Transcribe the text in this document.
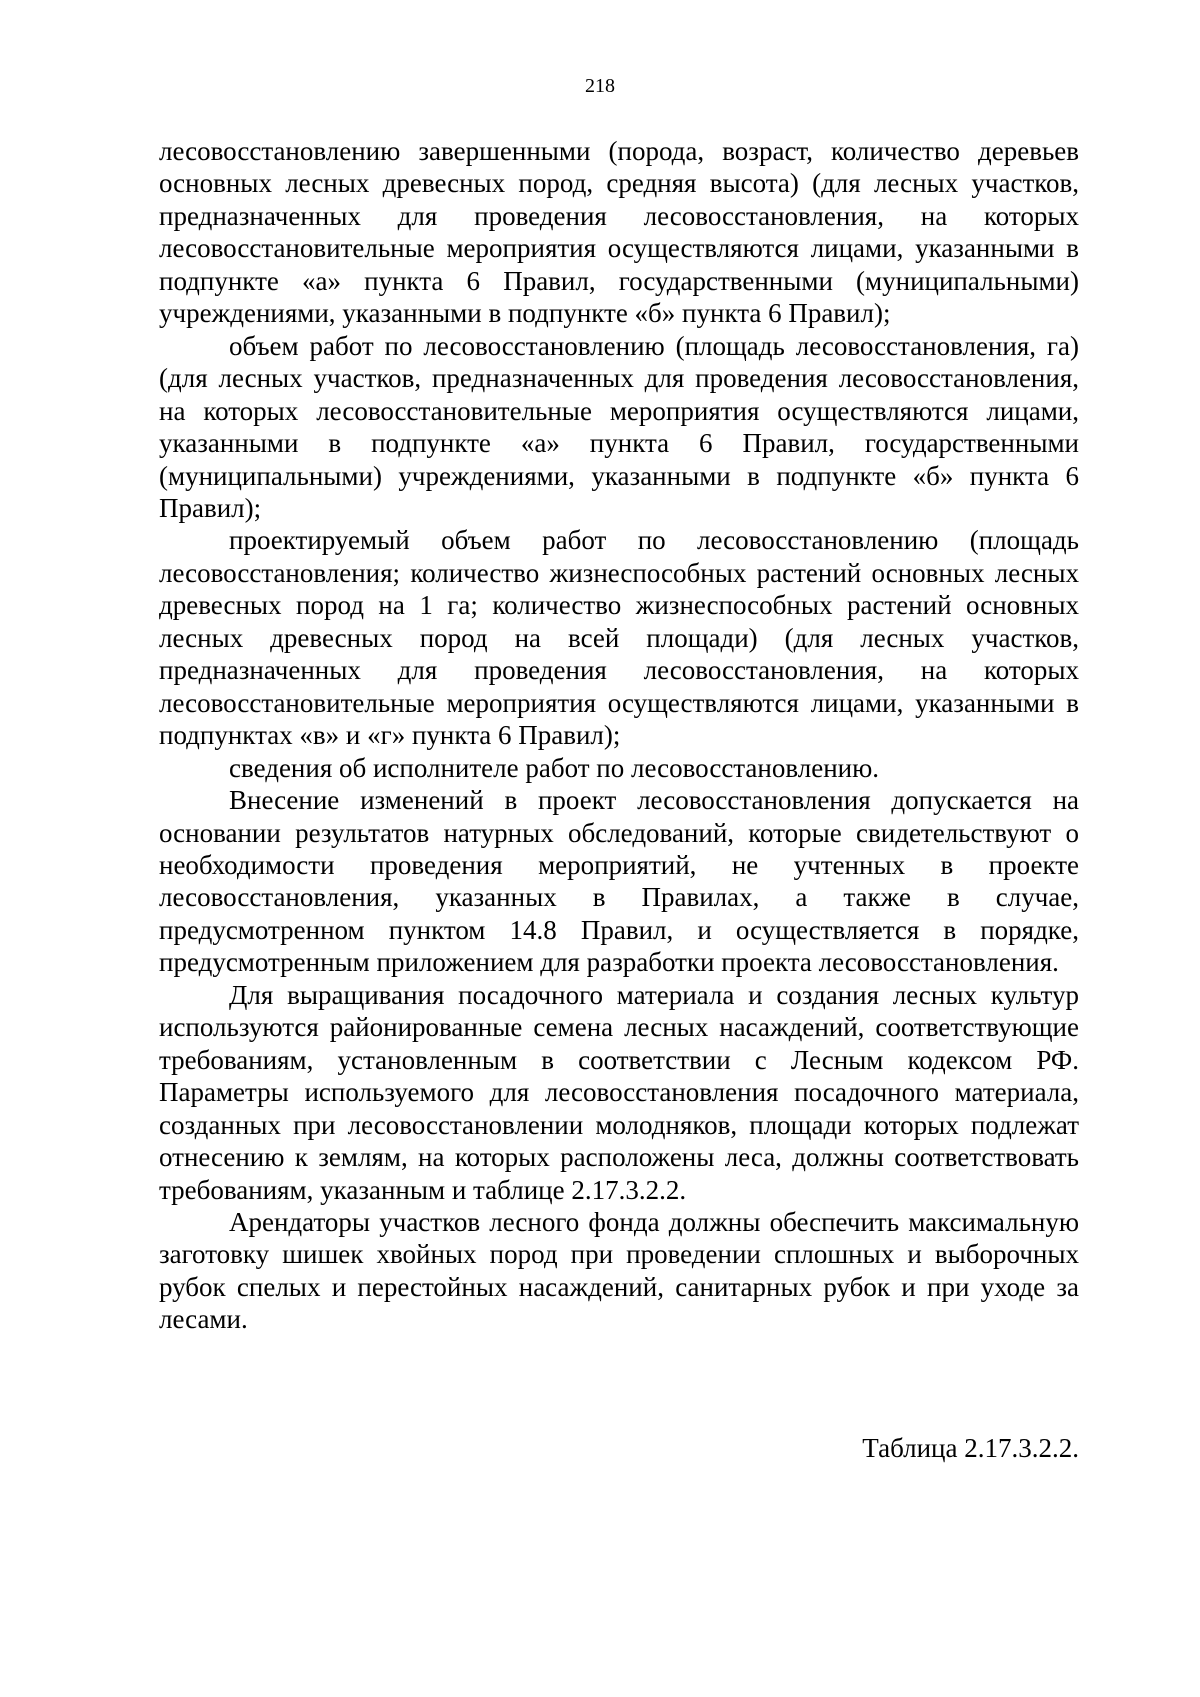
218

лесовосстановлению завершенными (порода, возраст, количество деревьев основных лесных древесных пород, средняя высота) (для лесных участков, предназначенных для проведения лесовосстановления, на которых лесовосстановительные мероприятия осуществляются лицами, указанными в подпункте «а» пункта 6 Правил, государственными (муниципальными) учреждениями, указанными в подпункте «б» пункта 6 Правил);

объем работ по лесовосстановлению (площадь лесовосстановления, га) (для лесных участков, предназначенных для проведения лесовосстановления, на которых лесовосстановительные мероприятия осуществляются лицами, указанными в подпункте «а» пункта 6 Правил, государственными (муниципальными) учреждениями, указанными в подпункте «б» пункта 6 Правил);

проектируемый объем работ по лесовосстановлению (площадь лесовосстановления; количество жизнеспособных растений основных лесных древесных пород на 1 га; количество жизнеспособных растений основных лесных древесных пород на всей площади) (для лесных участков, предназначенных для проведения лесовосстановления, на которых лесовосстановительные мероприятия осуществляются лицами, указанными в подпунктах «в» и «г» пункта 6 Правил);

сведения об исполнителе работ по лесовосстановлению.

Внесение изменений в проект лесовосстановления допускается на основании результатов натурных обследований, которые свидетельствуют о необходимости проведения мероприятий, не учтенных в проекте лесовосстановления, указанных в Правилах, а также в случае, предусмотренном пунктом 14.8 Правил, и осуществляется в порядке, предусмотренным приложением для разработки проекта лесовосстановления.

Для выращивания посадочного материала и создания лесных культур используются районированные семена лесных насаждений, соответствующие требованиям, установленным в соответствии с Лесным кодексом РФ. Параметры используемого для лесовосстановления посадочного материала, созданных при лесовосстановлении молодняков, площади которых подлежат отнесению к землям, на которых расположены леса, должны соответствовать требованиям, указанным и таблице 2.17.3.2.2.

Арендаторы участков лесного фонда должны обеспечить максимальную заготовку шишек хвойных пород при проведении сплошных и выборочных рубок спелых и перестойных насаждений, санитарных рубок и при уходе за лесами.

Таблица 2.17.3.2.2.
